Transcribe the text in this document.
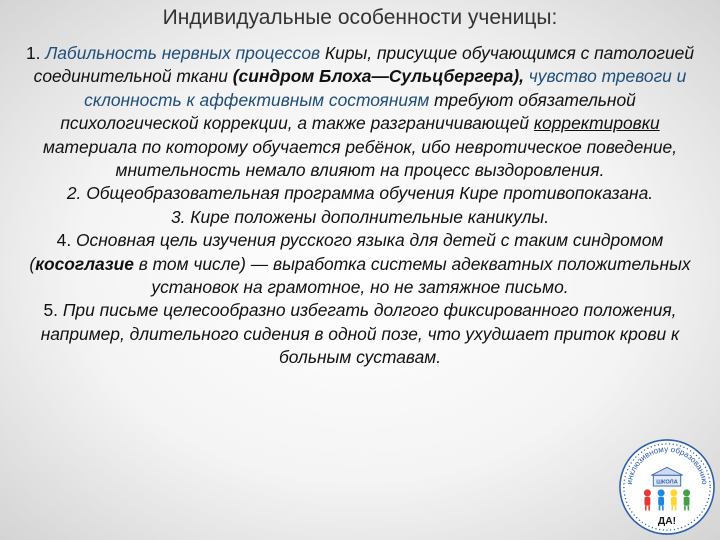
Индивидуальные особенности ученицы:

1. Лабильность нервных процессов Киры, присущие обучающимся с патологией соединительной ткани (синдром Блоха—Сульцбергера), чувство тревоги и склонность к аффективным состояниям требуют обязательной психологической коррекции, а также разграничивающей корректировки материала по которому обучается ребёнок, ибо невротическое поведение, мнительность немало влияют на процесс выздоровления.

2. Общеобразовательная программа обучения Кире противопоказана.

3. Кире положены дополнительные каникулы.

4. Основная цель изучения русского языка для детей с таким синдромом (косоглазие в том числе) — выработка системы адекватных положительных установок на грамотное, но не затяжное письмо.

5. При письме целесообразно избегать долгого фиксированного положения, например, длительного сидения в одной позе, что ухудшает приток крови к больным суставам.

инклюзивному образованию
ШКОЛА
ДА!
